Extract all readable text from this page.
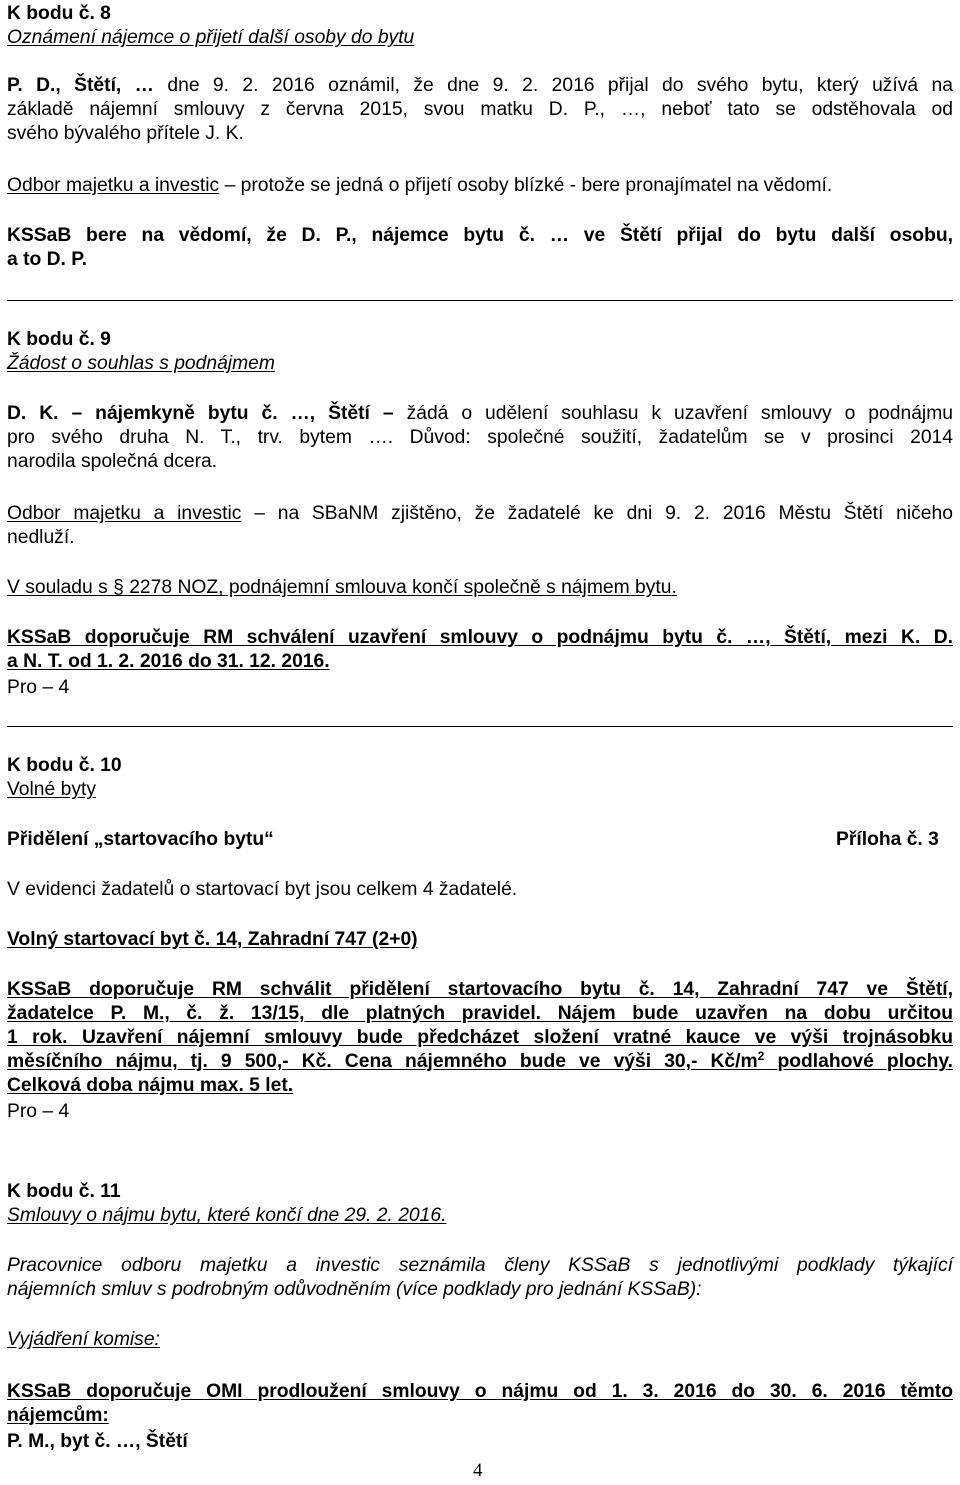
K bodu č. 8
Oznámení nájemce o přijetí další osoby do bytu
P. D., Štětí, … dne 9. 2. 2016 oznámil, že dne 9. 2. 2016 přijal do svého bytu, který užívá na
základě nájemní smlouvy z června 2015, svou matku D. P., …, neboť tato se odstěhovala od
svého bývalého přítele J. K.
Odbor majetku a investic – protože se jedná o přijetí osoby blízké - bere pronajímatel na vědomí.
KSSaB bere na vědomí, že D. P., nájemce bytu č. … ve Štětí přijal do bytu další osobu,
a to D. P.
K bodu č. 9
Žádost o souhlas s podnájmem
D. K. – nájemkyně bytu č. …, Štětí – žádá o udělení souhlasu k uzavření smlouvy o podnájmu
pro svého druha N. T., trv. bytem …. Důvod: společné soužití, žadatelům se v prosinci 2014
narodila společná dcera.
Odbor majetku a investic – na SBaNM zjištěno, že žadatelé ke dni 9. 2. 2016 Městu Štětí ničeho
nedluží.
V souladu s § 2278 NOZ, podnájemní smlouva končí společně s nájmem bytu.
KSSaB doporučuje RM schválení uzavření smlouvy o podnájmu bytu č. …, Štětí, mezi K. D.
a N. T. od 1. 2. 2016 do 31. 12. 2016.
Pro – 4
K bodu č. 10
Volné byty
Přidělení „startovacího bytu“	Příloha č. 3
V evidenci žadatelů o startovací byt jsou celkem 4 žadatelé.
Volný startovací byt č. 14, Zahradní 747 (2+0)
KSSaB doporučuje RM schválit přidělení startovacího bytu č. 14, Zahradní 747 ve Štětí,
žadatelce P. M., č. ž. 13/15, dle platných pravidel. Nájem bude uzavřen na dobu určitou
1 rok. Uzavření nájemní smlouvy bude předcházet složení vratné kauce ve výši trojnásobku
měsíčního nájmu, tj. 9 500,- Kč. Cena nájemného bude ve výši 30,- $Kč/m^2$ podlahové plochy.
Celková doba nájmu max. 5 let.
Pro – 4
K bodu č. 11
Smlouvy o nájmu bytu, které končí dne 29. 2. 2016.
Pracovnice odboru majetku a investic seznámila členy KSSaB s jednotlivými podklady týkající
nájemních smluv s podrobným odůvodněním (více podklady pro jednání KSSaB):
Vyjádření komise:
KSSaB doporučuje OMI prodloužení smlouvy o nájmu od 1. 3. 2016 do 30. 6. 2016 těmto
nájemcům:
P. M., byt č. …, Štětí
4
